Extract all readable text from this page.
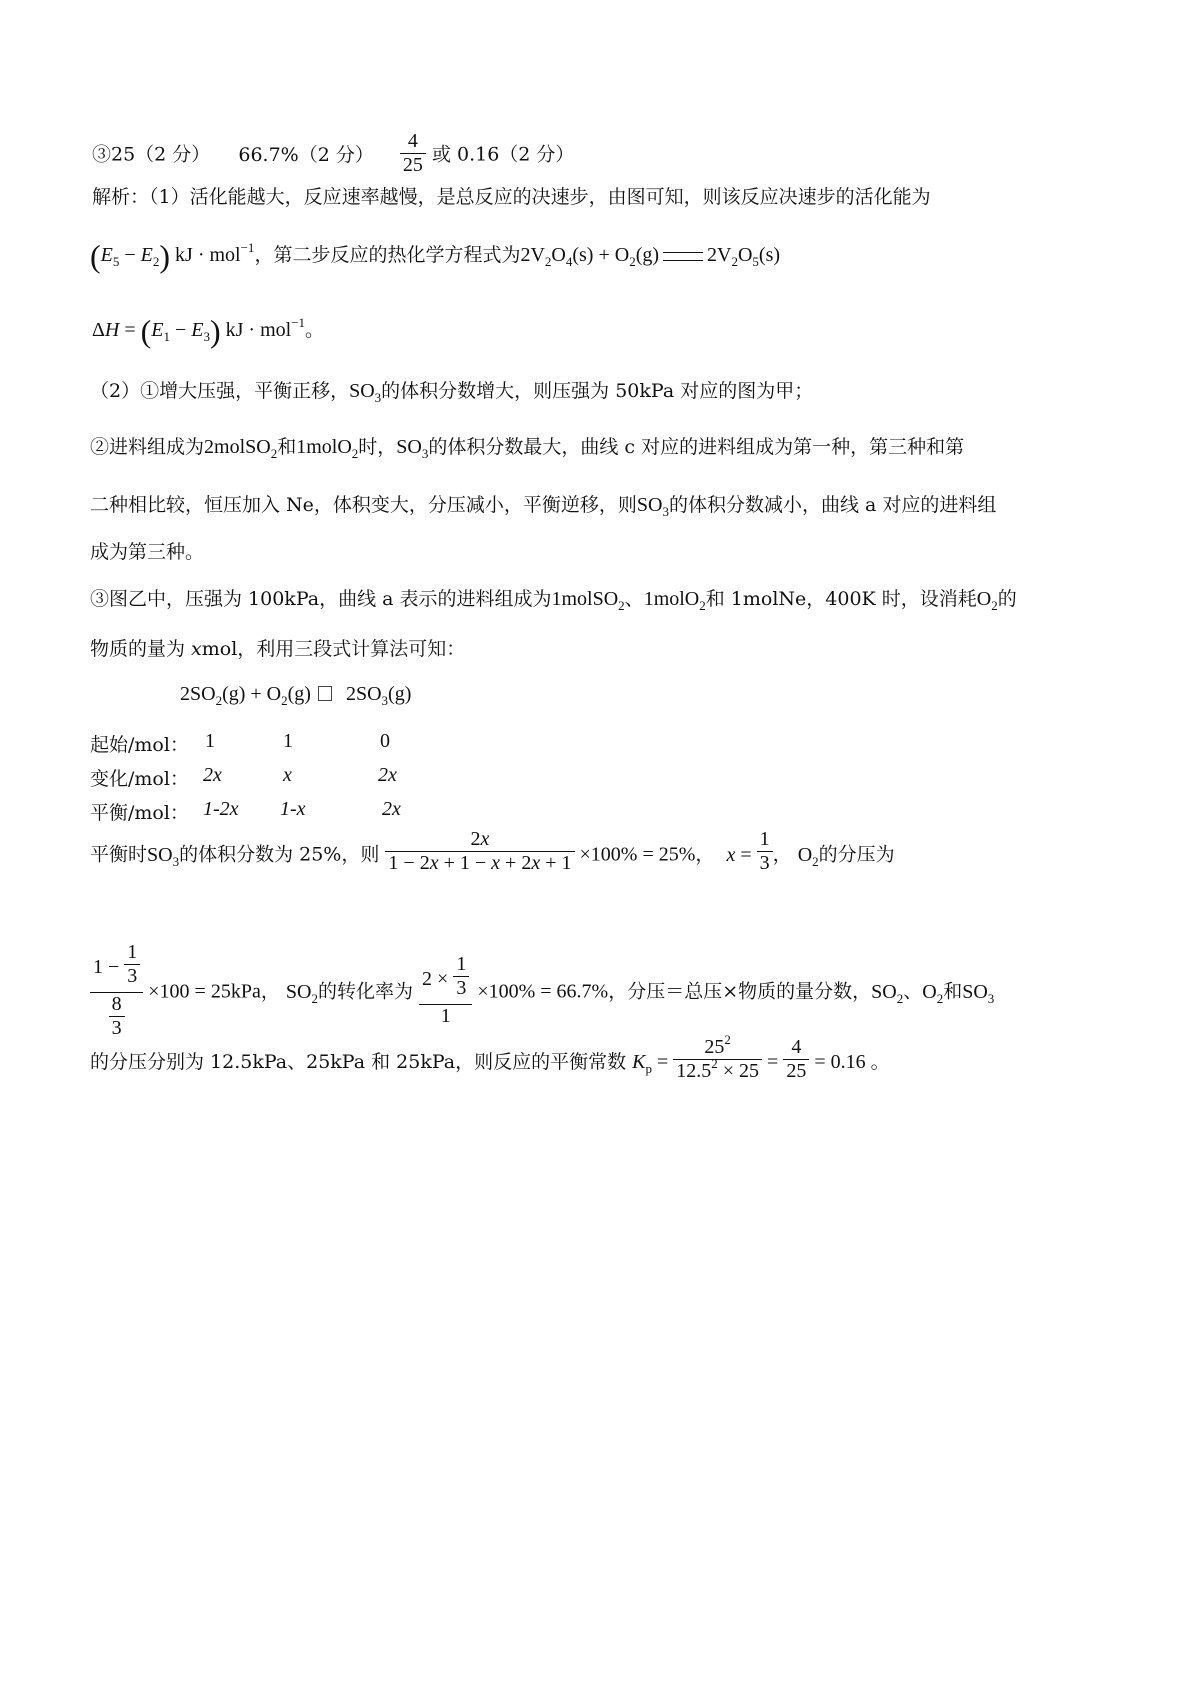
③25（2 分） 66.7%（2 分） $\frac{4}{25}$ 或 0.16（2 分）
解析：（1）活化能越大，反应速率越慢，是总反应的决速步，由图可知，则该反应决速步的活化能为
$(E_5 - E_2)$ kJ · mol$^{-1}$，第二步反应的热化学方程式为$2V_2O_4(s) + O_2(g)$ $2V_2O_5(s)$
$\Delta H = (E_1 - E_3)$ kJ · mol$^{-1}$。
（2）①增大压强，平衡正移，$SO_3$的体积分数增大，则压强为 50kPa 对应的图为甲；
②进料组成为2molSO$_2$和1molO$_2$时，$SO_3$的体积分数最大，曲线 c 对应的进料组成为第一种，第三种和第
二种相比较，恒压加入 Ne，体积变大，分压减小，平衡逆移，则$SO_3$的体积分数减小，曲线 a 对应的进料组
成为第三种。
③图乙中，压强为 100kPa，曲线 a 表示的进料组成为1molSO$_2$、1molO$_2$和 1molNe，400K 时，设消耗$O_2$的
物质的量为 xmol，利用三段式计算法可知：
$2SO_2(g) + O_2(g)$ $2SO_3(g)$
起始/mol： 1	1	0
变化/mol： 2x	x	2x
平衡/mol： 1-2x 1-x	2x
平衡时$SO_3$的体积分数为 25%，则 $\frac{2x}{1 - 2x + 1 - x + 2x + 1} \times 100\% = 25\%$， $x = \frac{1}{3}$ ， $O_2$的分压为
$\frac{1 - \frac{1}{3}}{\frac{8}{3}} \times 100 = 25kPa$， $SO_2$的转化率为 $\frac{2 \times \frac{1}{3}}{1} \times 100\% = 66.7\%$，分压＝总压×物质的量分数，$SO_2$、$O_2$和$SO_3$
的分压分别为 12.5kPa、25kPa 和 25kPa，则反应的平衡常数 $K_p = \frac{25^2}{12.5^2 \times 25} = \frac{4}{25} = 0.16$ 。
